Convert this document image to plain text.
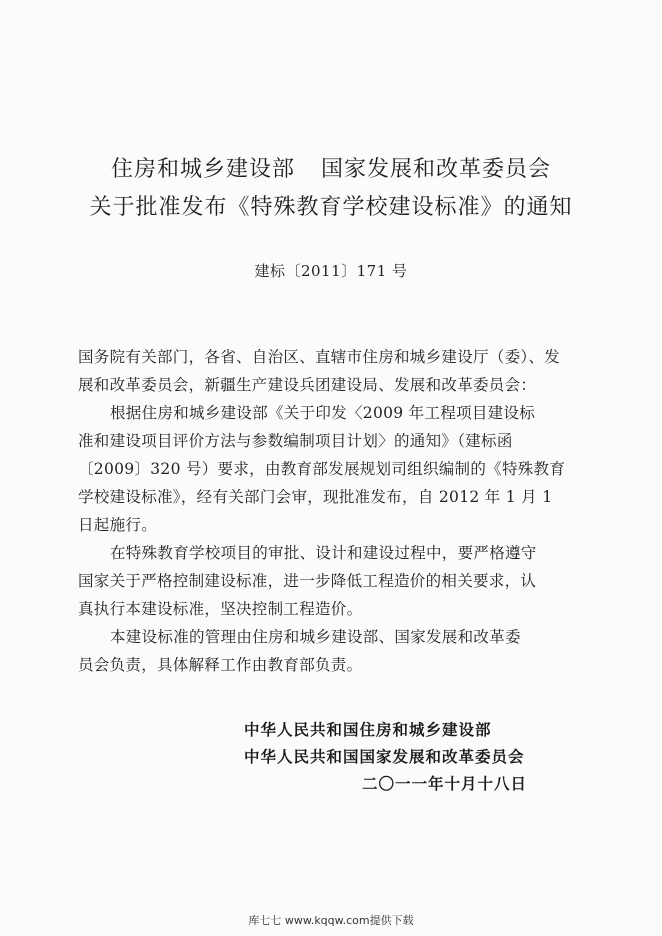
住房和城乡建设部 国家发展和改革委员会
关于批准发布《特殊教育学校建设标准》的通知
建标〔2011〕171 号
国务院有关部门，各省、自治区、直辖市住房和城乡建设厅（委）、发
展和改革委员会，新疆生产建设兵团建设局、发展和改革委员会：
根据住房和城乡建设部《关于印发〈2009 年工程项目建设标
准和建设项目评价方法与参数编制项目计划〉的通知》（建标函
〔2009〕320 号）要求，由教育部发展规划司组织编制的《特殊教育
学校建设标准》，经有关部门会审，现批准发布，自 2012 年 1 月 1
日起施行。
在特殊教育学校项目的审批、设计和建设过程中，要严格遵守
国家关于严格控制建设标准，进一步降低工程造价的相关要求，认
真执行本建设标准，坚决控制工程造价。
本建设标准的管理由住房和城乡建设部、国家发展和改革委
员会负责，具体解释工作由教育部负责。
中华人民共和国住房和城乡建设部
中华人民共和国国家发展和改革委员会
二〇一一年十月十八日
库七七 www.kqqw.com提供下载
